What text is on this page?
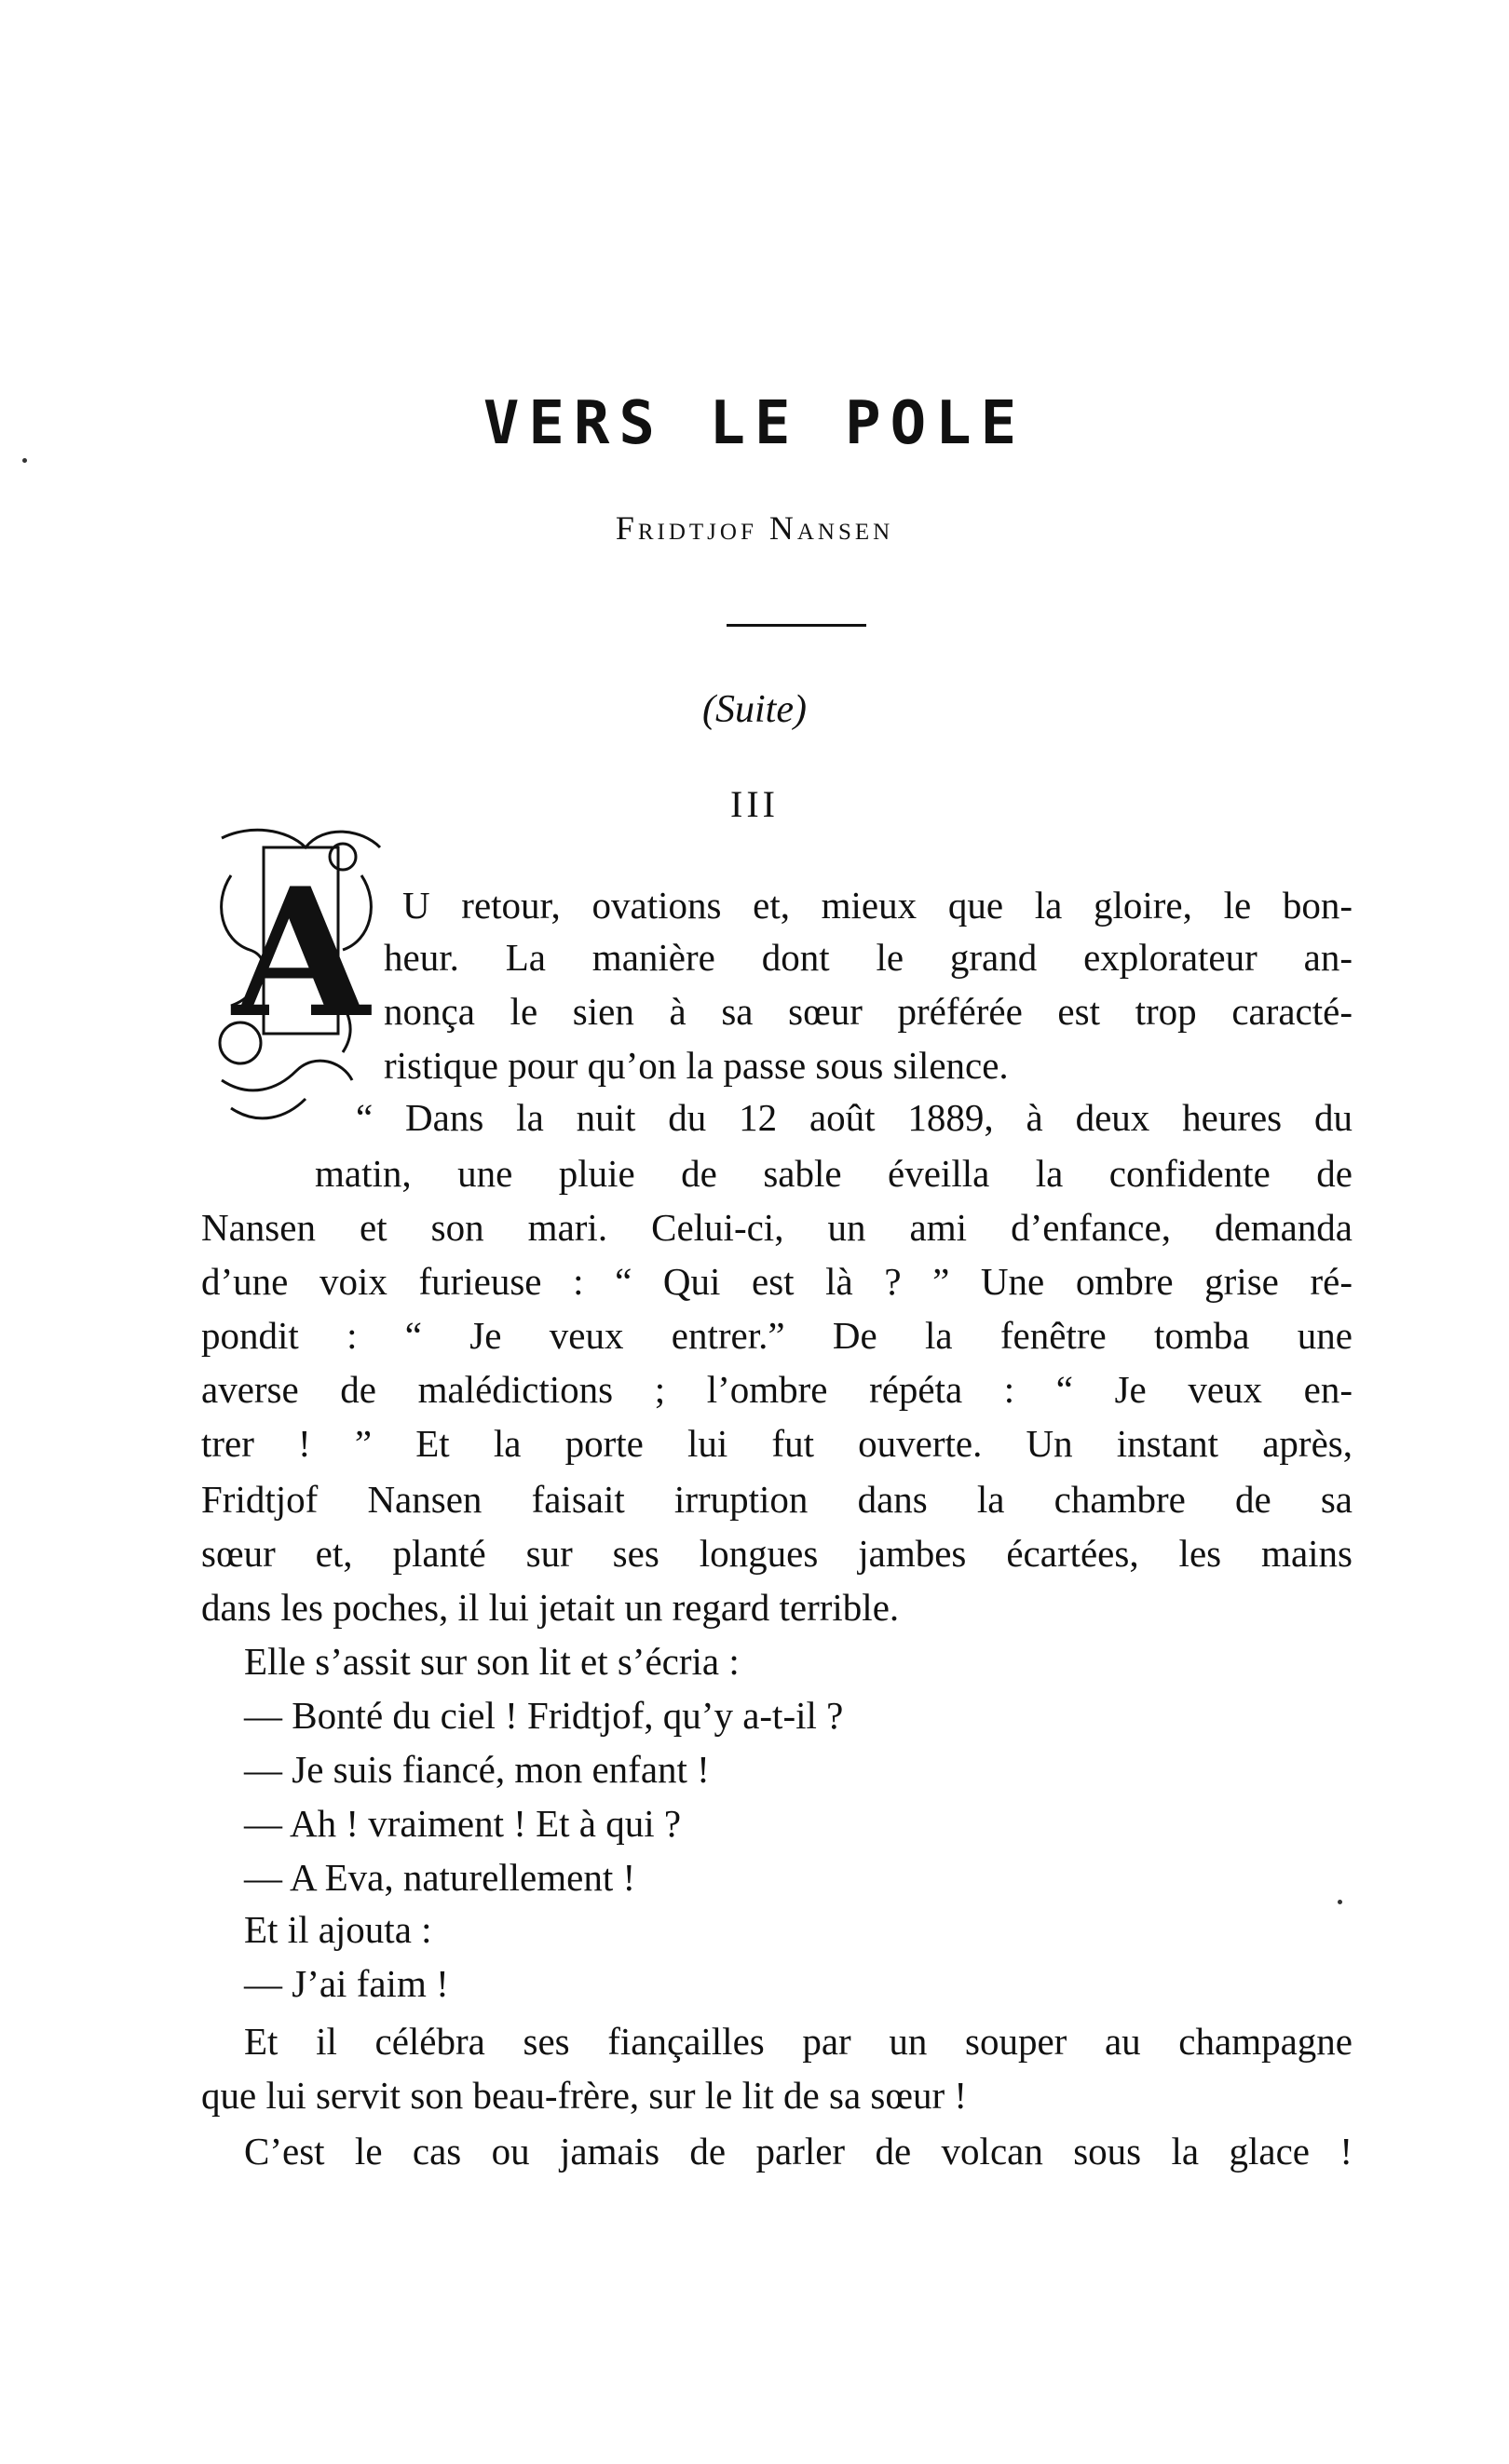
VERS LE POLE
Fridtjof Nansen
(Suite)
III
A U retour, ovations et, mieux que la gloire, le bon-
heur. La manière dont le grand explorateur an-
nonça le sien à sa sœur préférée est trop caracté-
ristique pour qu’on la passe sous silence.
“ Dans la nuit du 12 août 1889, à deux heures du
matin, une pluie de sable éveilla la confidente de
Nansen et son mari. Celui-ci, un ami d’enfance, demanda
d’une voix furieuse : “ Qui est là ? ” Une ombre grise ré-
pondit : “ Je veux entrer.” De la fenêtre tomba une
averse de malédictions ; l’ombre répéta : “ Je veux en-
trer ! ” Et la porte lui fut ouverte. Un instant après,
Fridtjof Nansen faisait irruption dans la chambre de sa
sœur et, planté sur ses longues jambes écartées, les mains
dans les poches, il lui jetait un regard terrible.
Elle s’assit sur son lit et s’écria :
— Bonté du ciel ! Fridtjof, qu’y a-t-il ?
— Je suis fiancé, mon enfant !
— Ah ! vraiment ! Et à qui ?
— A Eva, naturellement !
Et il ajouta :
— J’ai faim !
Et il célébra ses fiançailles par un souper au champagne
que lui servit son beau-frère, sur le lit de sa sœur !
C’est le cas ou jamais de parler de volcan sous la glace !
